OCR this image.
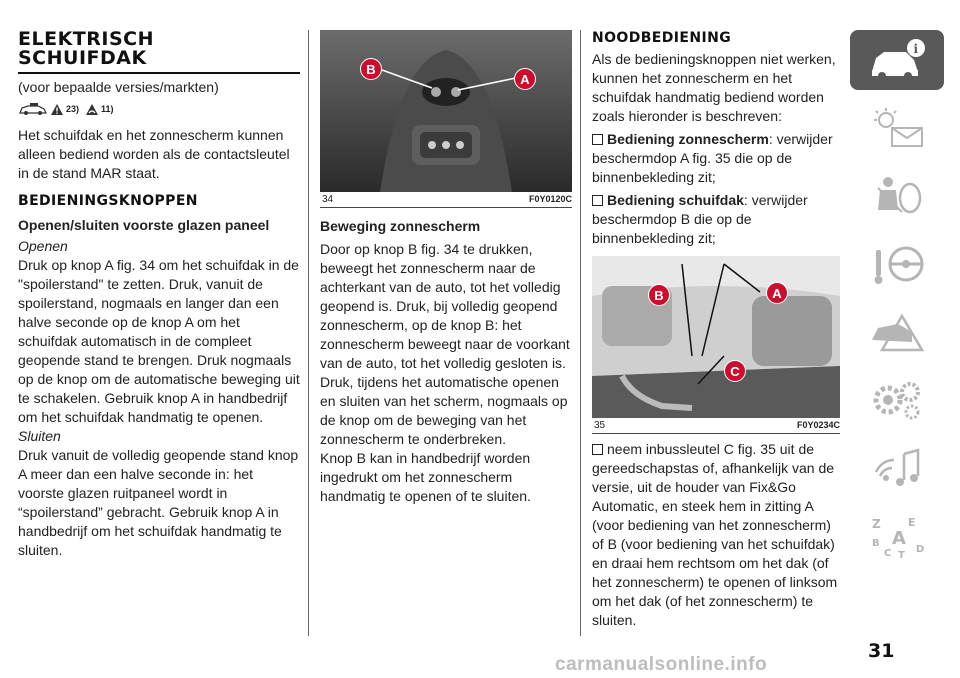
ELEKTRISCH
SCHUIFDAK
(voor bepaalde versies/markten)
23) 11)

Het schuifdak en het zonnescherm kunnen alleen bediend worden als de contactsleutel in de stand MAR staat.

BEDIENINGSKNOPPEN
Openen/sluiten voorste glazen paneel
Openen

Druk op knop A fig. 34 om het schuifdak in de "spoilerstand" te zetten. Druk, vanuit de spoilerstand, nogmaals en langer dan een halve seconde op de knop A om het schuifdak automatisch in de compleet geopende stand te brengen. Druk nogmaals op de knop om de automatische beweging uit te schakelen. Gebruik knop A in handbedrijf om het schuifdak handmatig te openen.

Sluiten

Druk vanuit de volledig geopende stand knop A meer dan een halve seconde in: het voorste glazen ruitpaneel wordt in “spoilerstand” gebracht. Gebruik knop A in handbedrijf om het schuifdak handmatig te sluiten.

B
A
34	F0Y0120C
Beweging zonnescherm

Door op knop B fig. 34 te drukken, beweegt het zonnescherm naar de achterkant van de auto, tot het volledig geopend is. Druk, bij volledig geopend zonnescherm, op de knop B: het zonnescherm beweegt naar de voorkant van de auto, tot het volledig gesloten is. Druk, tijdens het automatische openen en sluiten van het scherm, nogmaals op de knop om de beweging van het zonnescherm te onderbreken.

Knop B kan in handbedrijf worden ingedrukt om het zonnescherm handmatig te openen of te sluiten.

NOODBEDIENING

Als de bedieningsknoppen niet werken, kunnen het zonnescherm en het schuifdak handmatig bediend worden zoals hieronder is beschreven:

Bediening zonnescherm: verwijder beschermdop A fig. 35 die op de binnenbekleding zit;

Bediening schuifdak: verwijder beschermdop B die op de binnenbekleding zit;

B	A
C
35	F0Y0234C

neem inbussleutel C fig. 35 uit de gereedschapstas of, afhankelijk van de versie, uit de houder van Fix&Go Automatic, en steek hem in zitting A (voor bediening van het zonnescherm) of B (voor bediening van het schuifdak) en draai hem rechtsom om het dak (of het zonnescherm) te openen of linksom om het dak (of het zonnescherm) te sluiten.

i
Z E
B A
C T
D
31
carmanualsonline.info
